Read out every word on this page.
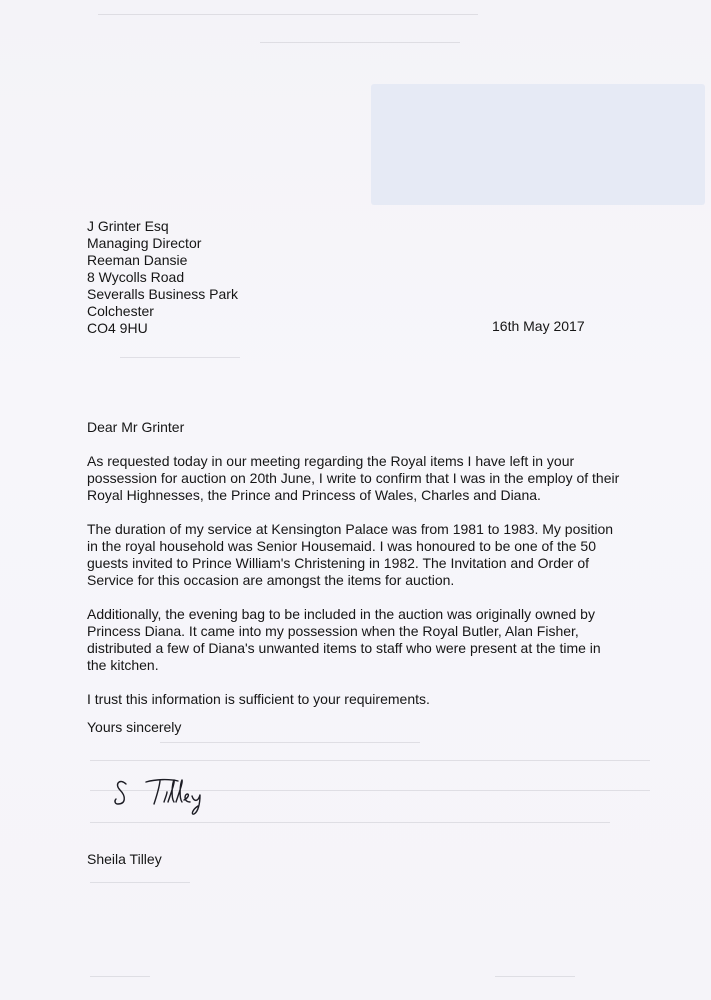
J Grinter Esq
Managing Director
Reeman Dansie
8 Wycolls Road
Severalls Business Park
Colchester
CO4 9HU	16th May 2017
Dear Mr Grinter

As requested today in our meeting regarding the Royal items I have left in your possession for auction on 20th June, I write to confirm that I was in the employ of their Royal Highnesses, the Prince and Princess of Wales, Charles and Diana.

The duration of my service at Kensington Palace was from 1981 to 1983. My position in the royal household was Senior Housemaid. I was honoured to be one of the 50 guests invited to Prince William's Christening in 1982. The Invitation and Order of Service for this occasion are amongst the items for auction.

Additionally, the evening bag to be included in the auction was originally owned by Princess Diana. It came into my possession when the Royal Butler, Alan Fisher, distributed a few of Diana's unwanted items to staff who were present at the time in the kitchen.

I trust this information is sufficient to your requirements.

Yours sincerely
Sheila Tilley
